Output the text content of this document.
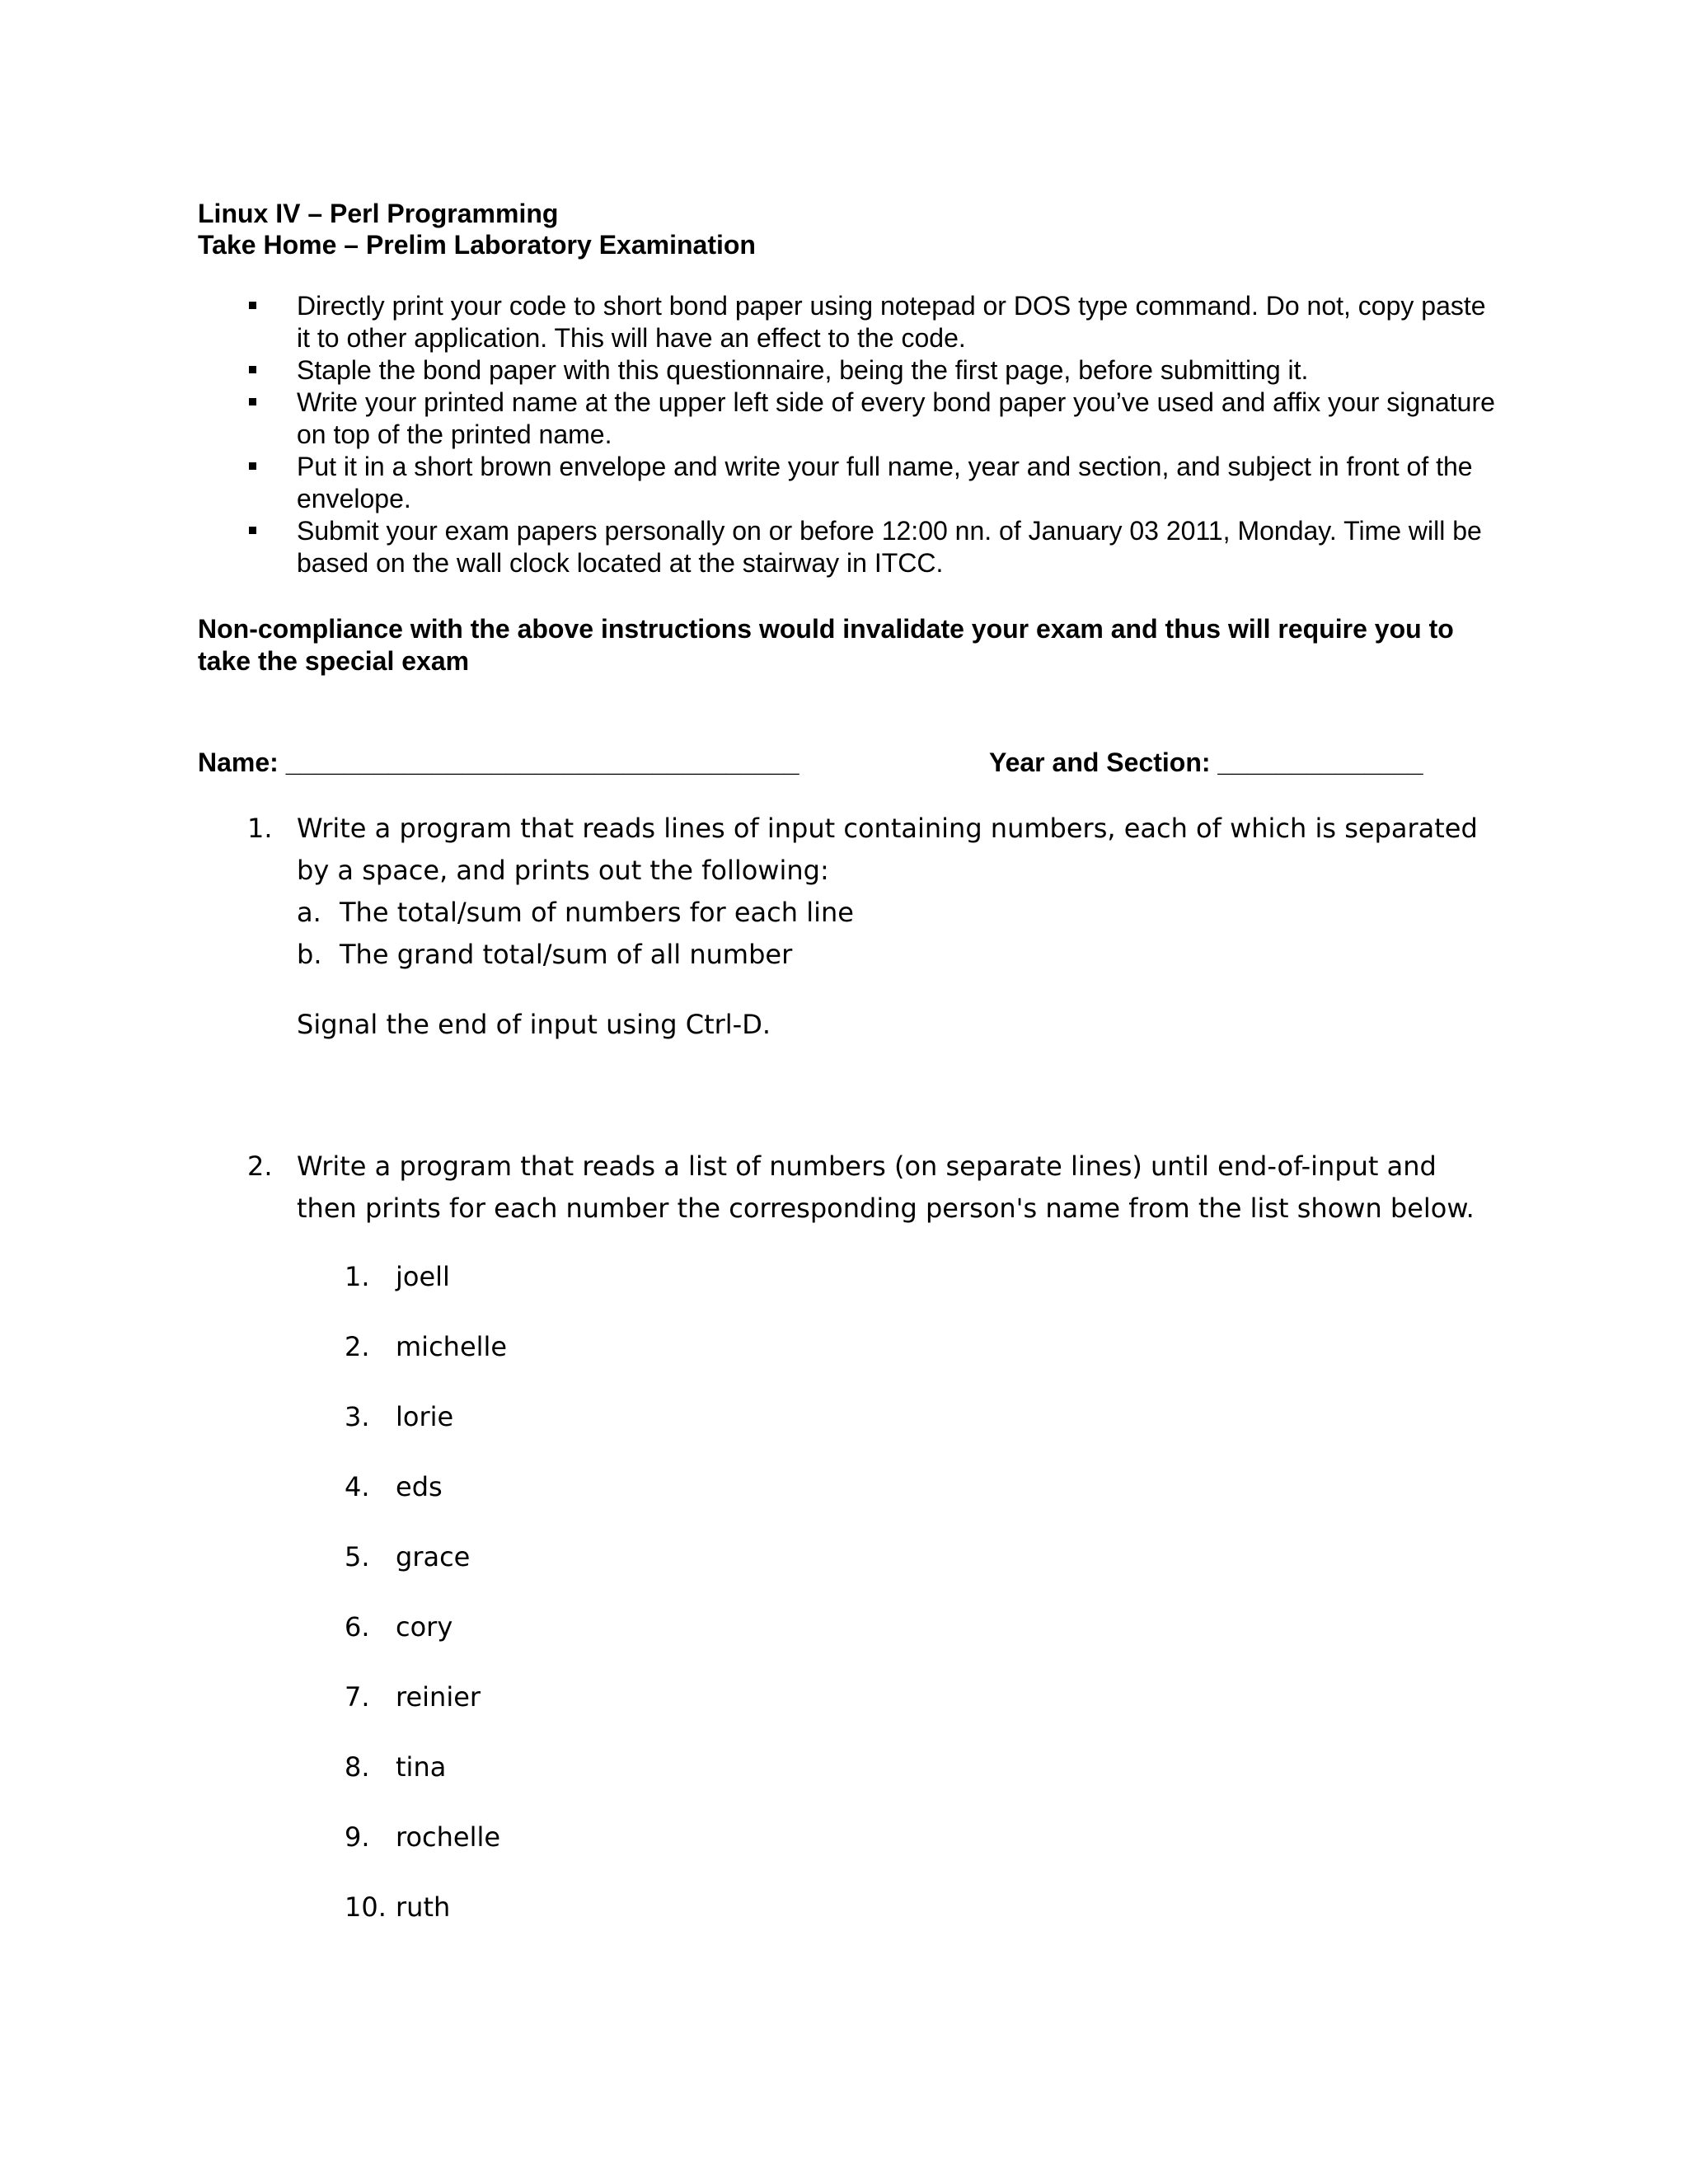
Linux IV – Perl Programming
Take Home – Prelim Laboratory Examination
Directly print your code to short bond paper using notepad or DOS type command. Do not, copy paste it to other application. This will have an effect to the code.
Staple the bond paper with this questionnaire, being the first page, before submitting it.
Write your printed name at the upper left side of every bond paper you’ve used and affix your signature on top of the printed name.
Put it in a short brown envelope and write your full name, year and section, and subject in front of the envelope.
Submit your exam papers personally on or before 12:00 nn. of January 03 2011, Monday. Time will be based on the wall clock located at the stairway in ITCC.
Non-compliance with the above instructions would invalidate your exam and thus will require you to take the special exam
Name: ___________________________________	Year and Section: ______________
1. Write a program that reads lines of input containing numbers, each of which is separated by a space, and prints out the following:
a. The total/sum of numbers for each line
b. The grand total/sum of all number
Signal the end of input using Ctrl-D.
2. Write a program that reads a list of numbers (on separate lines) until end-of-input and then prints for each number the corresponding person's name from the list shown below.
1. joell
2. michelle
3. lorie
4. eds
5. grace
6. cory
7. reinier
8. tina
9. rochelle
10. ruth
